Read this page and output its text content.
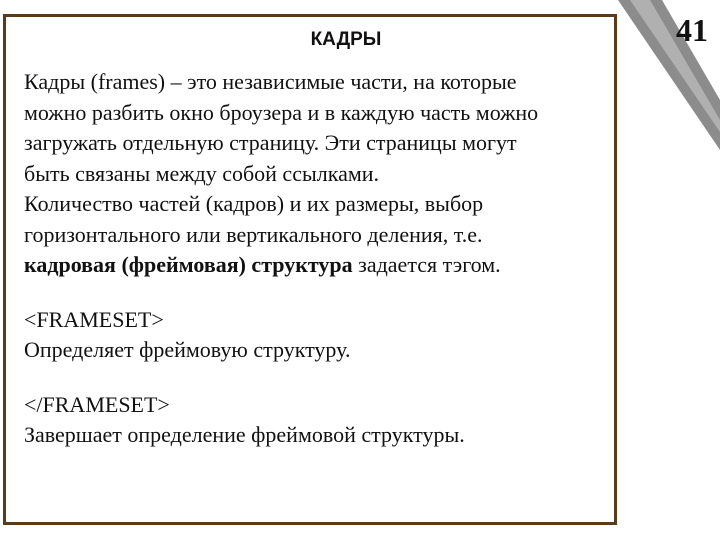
КАДРЫ
Кадры (frames) – это независимые части, на которые
можно разбить окно броузера и в каждую часть можно
загружать отдельную страницу. Эти страницы могут
быть связаны между собой ссылками.
Количество частей (кадров) и их размеры, выбор
горизонтального или вертикального деления, т.е.
кадровая (фреймовая) структура задается тэгом.
<FRAMESET>
Определяет фреймовую структуру.
</FRAMESET>
Завершает определение фреймовой структуры.
41
